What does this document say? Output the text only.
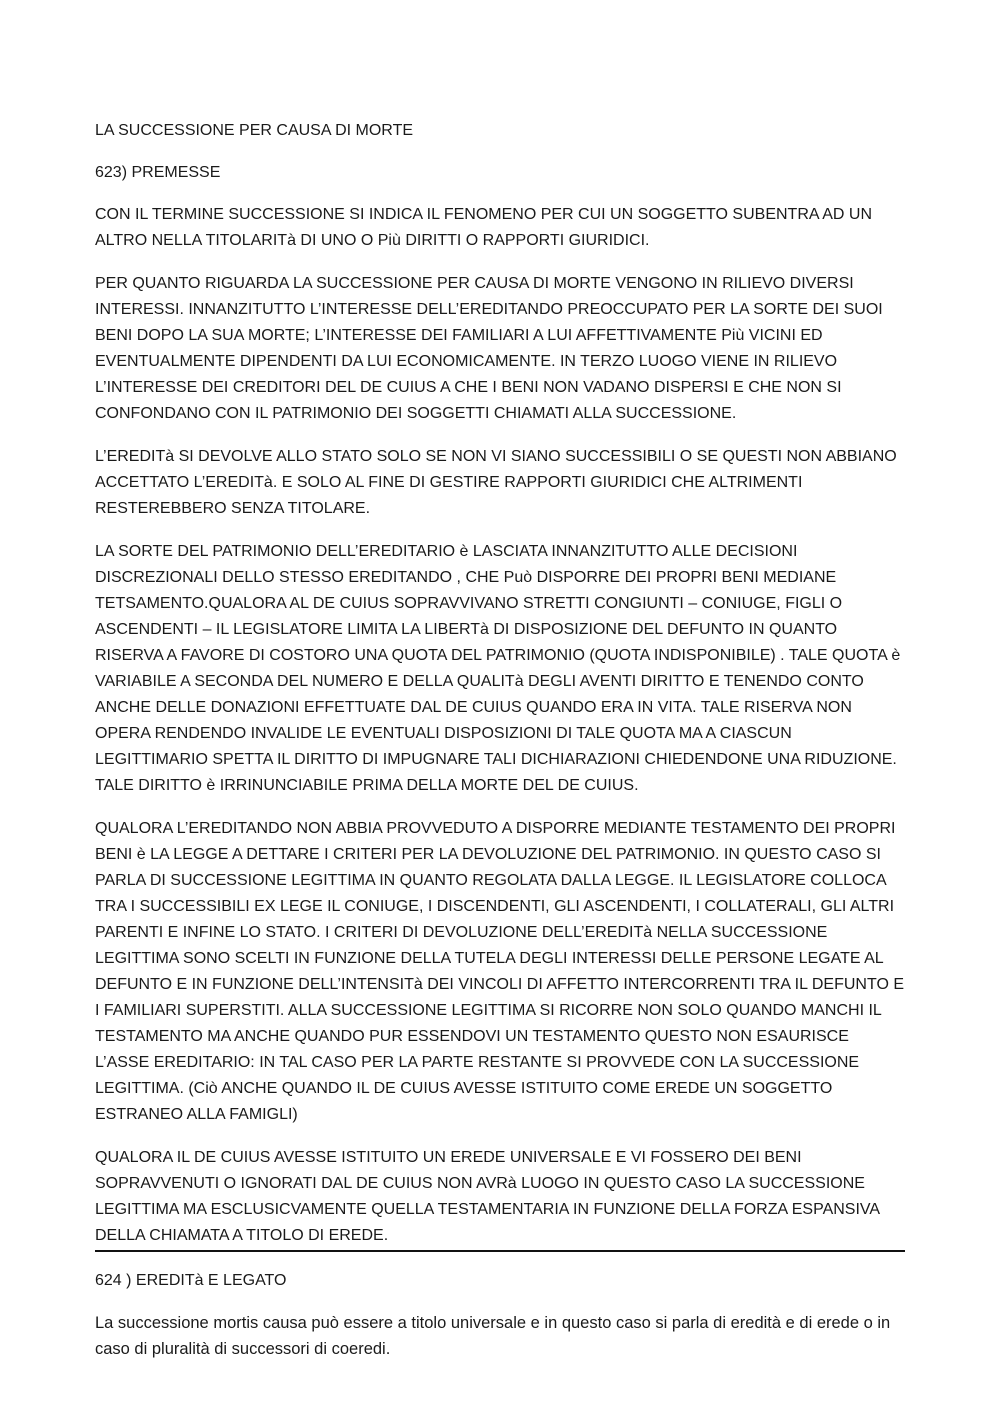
LA SUCCESSIONE PER CAUSA DI MORTE

623) PREMESSE

CON IL TERMINE SUCCESSIONE SI INDICA IL FENOMENO PER CUI UN SOGGETTO SUBENTRA AD UN ALTRO NELLA TITOLARITà DI UNO O Più DIRITTI O RAPPORTI GIURIDICI.

PER QUANTO RIGUARDA LA SUCCESSIONE PER CAUSA DI MORTE VENGONO IN RILIEVO DIVERSI INTERESSI. INNANZITUTTO L’INTERESSE DELL’EREDITANDO PREOCCUPATO PER LA SORTE DEI SUOI BENI DOPO LA SUA MORTE; L’INTERESSE DEI FAMILIARI A LUI AFFETTIVAMENTE Più VICINI ED EVENTUALMENTE DIPENDENTI DA LUI ECONOMICAMENTE. IN TERZO LUOGO VIENE IN RILIEVO L’INTERESSE DEI CREDITORI DEL DE CUIUS A CHE I BENI NON VADANO DISPERSI E CHE NON SI CONFONDANO CON IL PATRIMONIO DEI SOGGETTI CHIAMATI ALLA SUCCESSIONE.

L’EREDITà SI DEVOLVE ALLO STATO SOLO SE NON VI SIANO SUCCESSIBILI O SE QUESTI NON ABBIANO ACCETTATO L’EREDITà. E SOLO AL FINE DI GESTIRE RAPPORTI GIURIDICI CHE ALTRIMENTI RESTEREBBERO SENZA TITOLARE.

LA SORTE DEL PATRIMONIO DELL’EREDITARIO è LASCIATA INNANZITUTTO ALLE DECISIONI DISCREZIONALI DELLO STESSO EREDITANDO , CHE Può DISPORRE DEI PROPRI BENI MEDIANE TETSAMENTO.QUALORA AL DE CUIUS SOPRAVVIVANO STRETTI CONGIUNTI – CONIUGE, FIGLI O ASCENDENTI – IL LEGISLATORE LIMITA LA LIBERTà DI DISPOSIZIONE DEL DEFUNTO IN QUANTO RISERVA A FAVORE DI COSTORO UNA QUOTA DEL PATRIMONIO (QUOTA INDISPONIBILE) . TALE QUOTA è VARIABILE A SECONDA DEL NUMERO E DELLA QUALITà DEGLI AVENTI DIRITTO E TENENDO CONTO ANCHE DELLE DONAZIONI EFFETTUATE DAL DE CUIUS QUANDO ERA IN VITA. TALE RISERVA NON OPERA RENDENDO INVALIDE LE EVENTUALI DISPOSIZIONI DI TALE QUOTA MA A CIASCUN LEGITTIMARIO SPETTA IL DIRITTO DI IMPUGNARE TALI DICHIARAZIONI CHIEDENDONE UNA RIDUZIONE. TALE DIRITTO è IRRINUNCIABILE PRIMA DELLA MORTE DEL DE CUIUS.

QUALORA L’EREDITANDO NON ABBIA PROVVEDUTO A DISPORRE MEDIANTE TESTAMENTO DEI PROPRI BENI è LA LEGGE A DETTARE I CRITERI PER LA DEVOLUZIONE DEL PATRIMONIO. IN QUESTO CASO SI PARLA DI SUCCESSIONE LEGITTIMA IN QUANTO REGOLATA DALLA LEGGE. IL LEGISLATORE COLLOCA TRA I SUCCESSIBILI EX LEGE IL CONIUGE, I DISCENDENTI, GLI ASCENDENTI, I COLLATERALI, GLI ALTRI PARENTI E INFINE LO STATO. I CRITERI DI DEVOLUZIONE DELL’EREDITà NELLA SUCCESSIONE LEGITTIMA SONO SCELTI IN FUNZIONE DELLA TUTELA DEGLI INTERESSI DELLE PERSONE LEGATE AL DEFUNTO E IN FUNZIONE DELL’INTENSITà DEI VINCOLI DI AFFETTO INTERCORRENTI TRA IL DEFUNTO E I FAMILIARI SUPERSTITI. ALLA SUCCESSIONE LEGITTIMA SI RICORRE NON SOLO QUANDO MANCHI IL TESTAMENTO MA ANCHE QUANDO PUR ESSENDOVI UN TESTAMENTO QUESTO NON ESAURISCE L’ASSE EREDITARIO: IN TAL CASO PER LA PARTE RESTANTE SI PROVVEDE CON LA SUCCESSIONE LEGITTIMA. (Ciò ANCHE QUANDO IL DE CUIUS AVESSE ISTITUITO COME EREDE UN SOGGETTO ESTRANEO ALLA FAMIGLI)

QUALORA IL DE CUIUS AVESSE ISTITUITO UN EREDE UNIVERSALE E VI FOSSERO DEI BENI SOPRAVVENUTI O IGNORATI DAL DE CUIUS NON AVRà LUOGO IN QUESTO CASO LA SUCCESSIONE LEGITTIMA MA ESCLUSICVAMENTE QUELLA TESTAMENTARIA IN FUNZIONE DELLA FORZA ESPANSIVA DELLA CHIAMATA A TITOLO DI EREDE.

624 ) EREDITà E LEGATO

La successione mortis causa può essere a titolo universale e in questo caso si parla di eredità e di erede o in caso di pluralità di successori di coeredi.
